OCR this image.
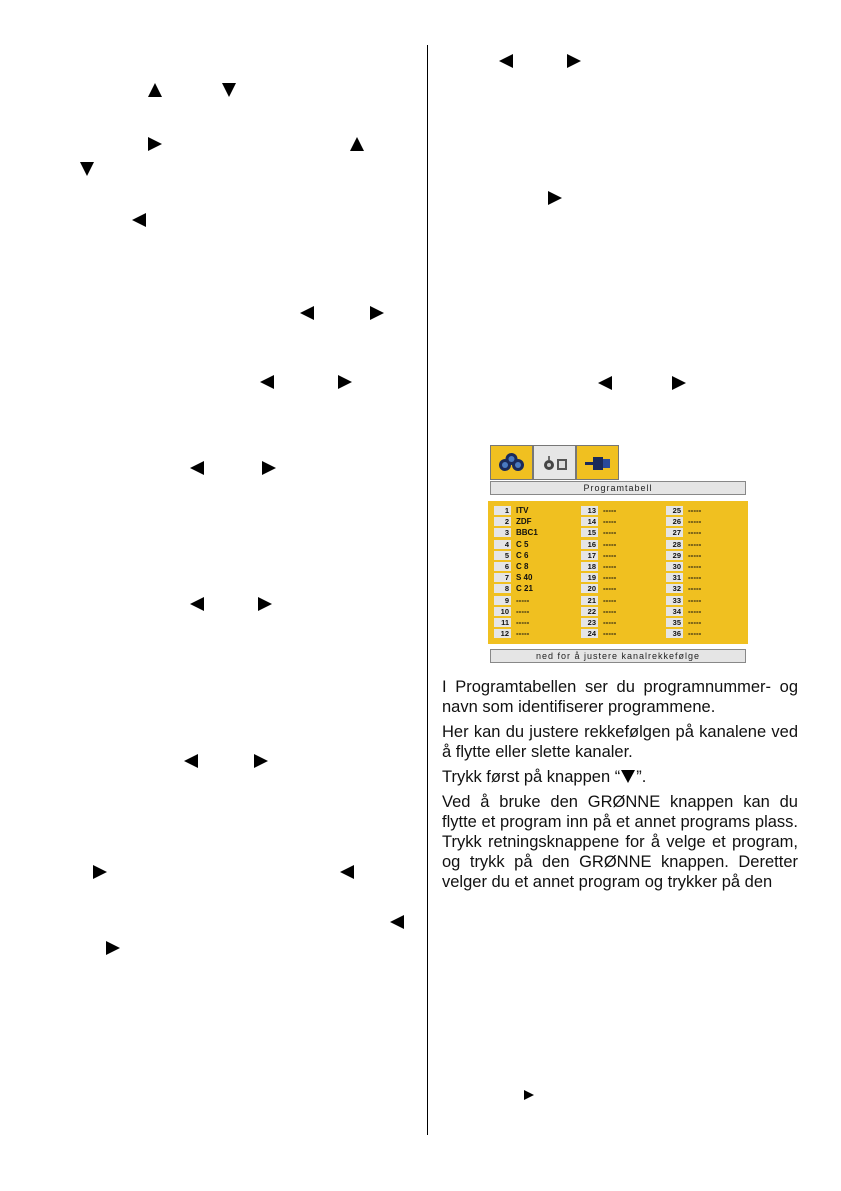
Programtabell
1 ITV
2 ZDF
3 BBC1
4 C 5
5 C 6
6 C 8
7 S 40
8 C 21
9 -----
10 -----
11 -----
12 -----
13 -----
14 -----
15 -----
16 -----
17 -----
18 -----
19 -----
20 -----
21 -----
22 -----
23 -----
24 -----
25 -----
26 -----
27 -----
28 -----
29 -----
30 -----
31 -----
32 -----
33 -----
34 -----
35 -----
36 -----
ned for å justere kanalrekkefølge

I Programtabellen ser du programnummer- og navn som identifiserer programmene.

Her kan du justere rekkefølgen på kanalene ved å flytte eller slette kanaler.

Trykk først på knappen “ ”.

Ved å bruke den GRØNNE knappen kan du flytte et program inn på et annet programs plass. Trykk retningsknappene for å velge et program, og trykk på den GRØNNE knappen. Deretter velger du et annet program og trykker på den
